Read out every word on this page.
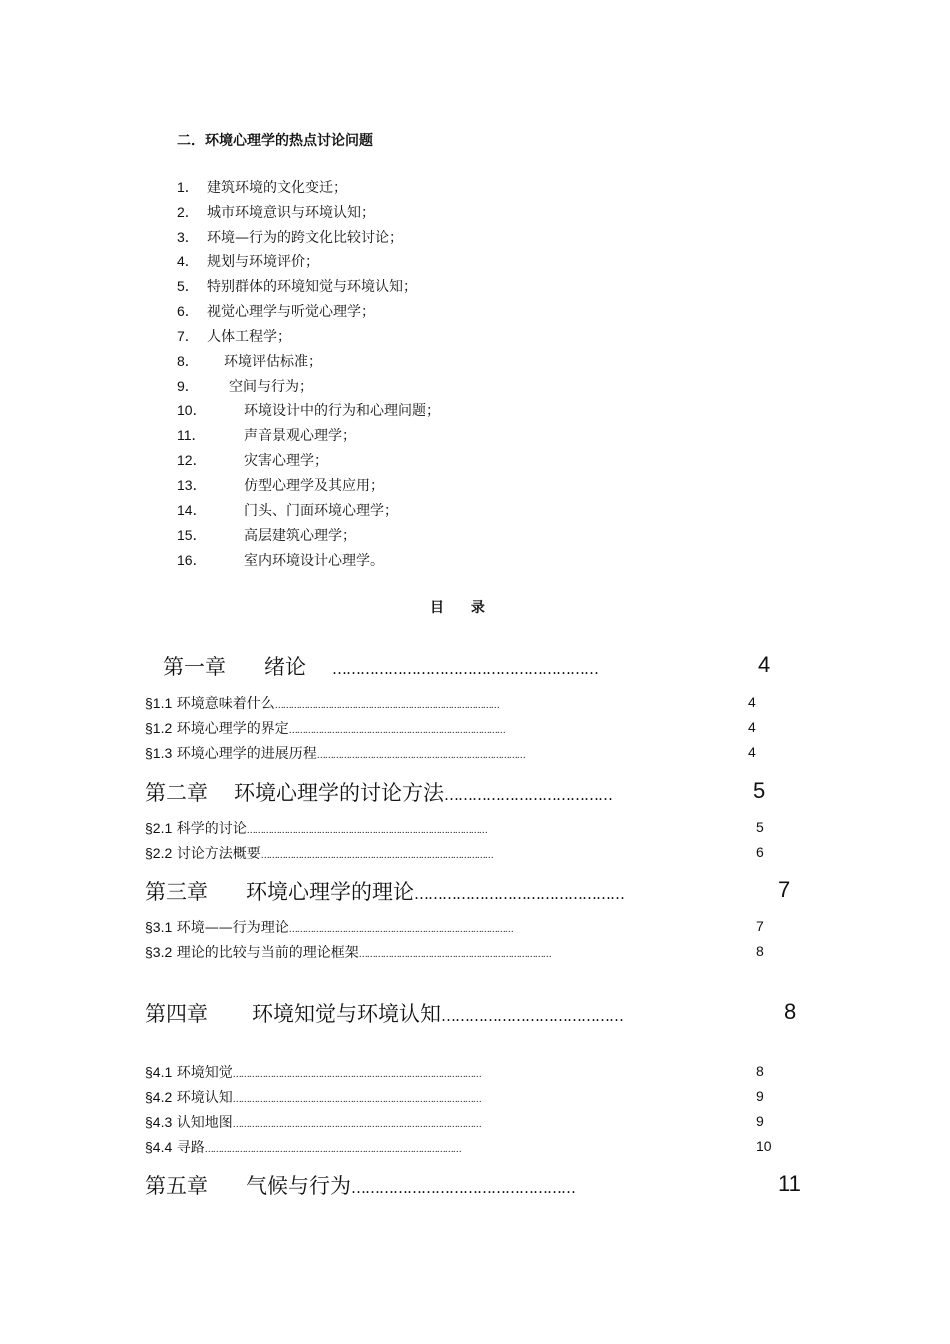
二．环境心理学的热点讨论问题
1． 建筑环境的文化变迁；
2． 城市环境意识与环境认知；
3． 环境—行为的跨文化比较讨论；
4． 规划与环境评价；
5． 特别群体的环境知觉与环境认知；
6． 视觉心理学与听觉心理学；
7． 人体工程学；
8． 环境评估标准；
9． 空间与行为；
10．	环境设计中的行为和心理问题；
11．	声音景观心理学；
12．	灾害心理学；
13．	仿型心理学及其应用；
14．	门头、门面环境心理学；
15．	高层建筑心理学；
16．	室内环境设计心理学。
目 录
第一章 绪论 …………………………………………………	4
§1.1 环境意味着什么…………………………………………………………………………	4
§1.2 环境心理学的界定………………………………………………………………………	4
§1.3 环境心理学的进展历程……………………………………………………………………	4
第二章 环境心理学的讨论方法………………………………	5
§2.1 科学的讨论………………………………………………………………………………	5
§2.2 讨论方法概要……………………………………………………………………………	6
第三章 环境心理学的理论………………………………………	7
§3.1 环境——行为理论…………………………………………………………………………	7
§3.2 理论的比较与当前的理论框架………………………………………………………………	8
第四章 环境知觉与环境认知…………………………………	8
§4.1 环境知觉…………………………………………………………………………………	8
§4.2 环境认知…………………………………………………………………………………	9
§4.3 认知地图…………………………………………………………………………………	9
§4.4 寻路……………………………………………………………………………………	10
第五章 气候与行为…………………………………………	11
